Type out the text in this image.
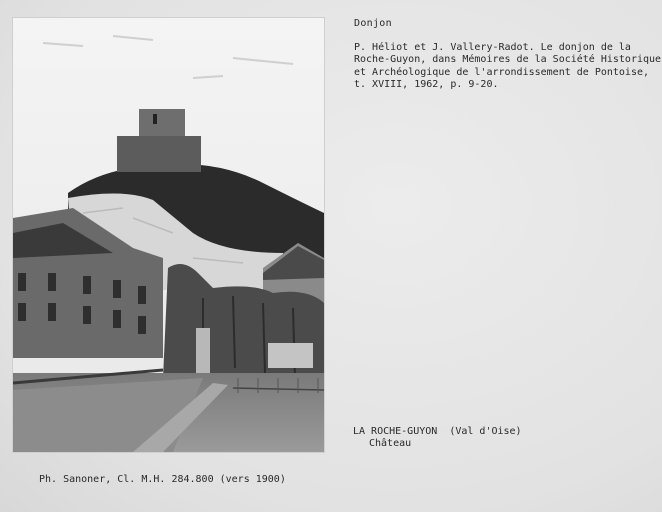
Donjon
P. Héliot et J. Vallery-Radot. Le donjon de la
Roche-Guyon, dans Mémoires de la Société Historique
et Archéologique de l'arrondissement de Pontoise,
t. XVIII, 1962, p. 9-20.
LA ROCHE-GUYON  (Val d'Oise)
Château
Ph. Sanoner, Cl. M.H. 284.800 (vers 1900)
